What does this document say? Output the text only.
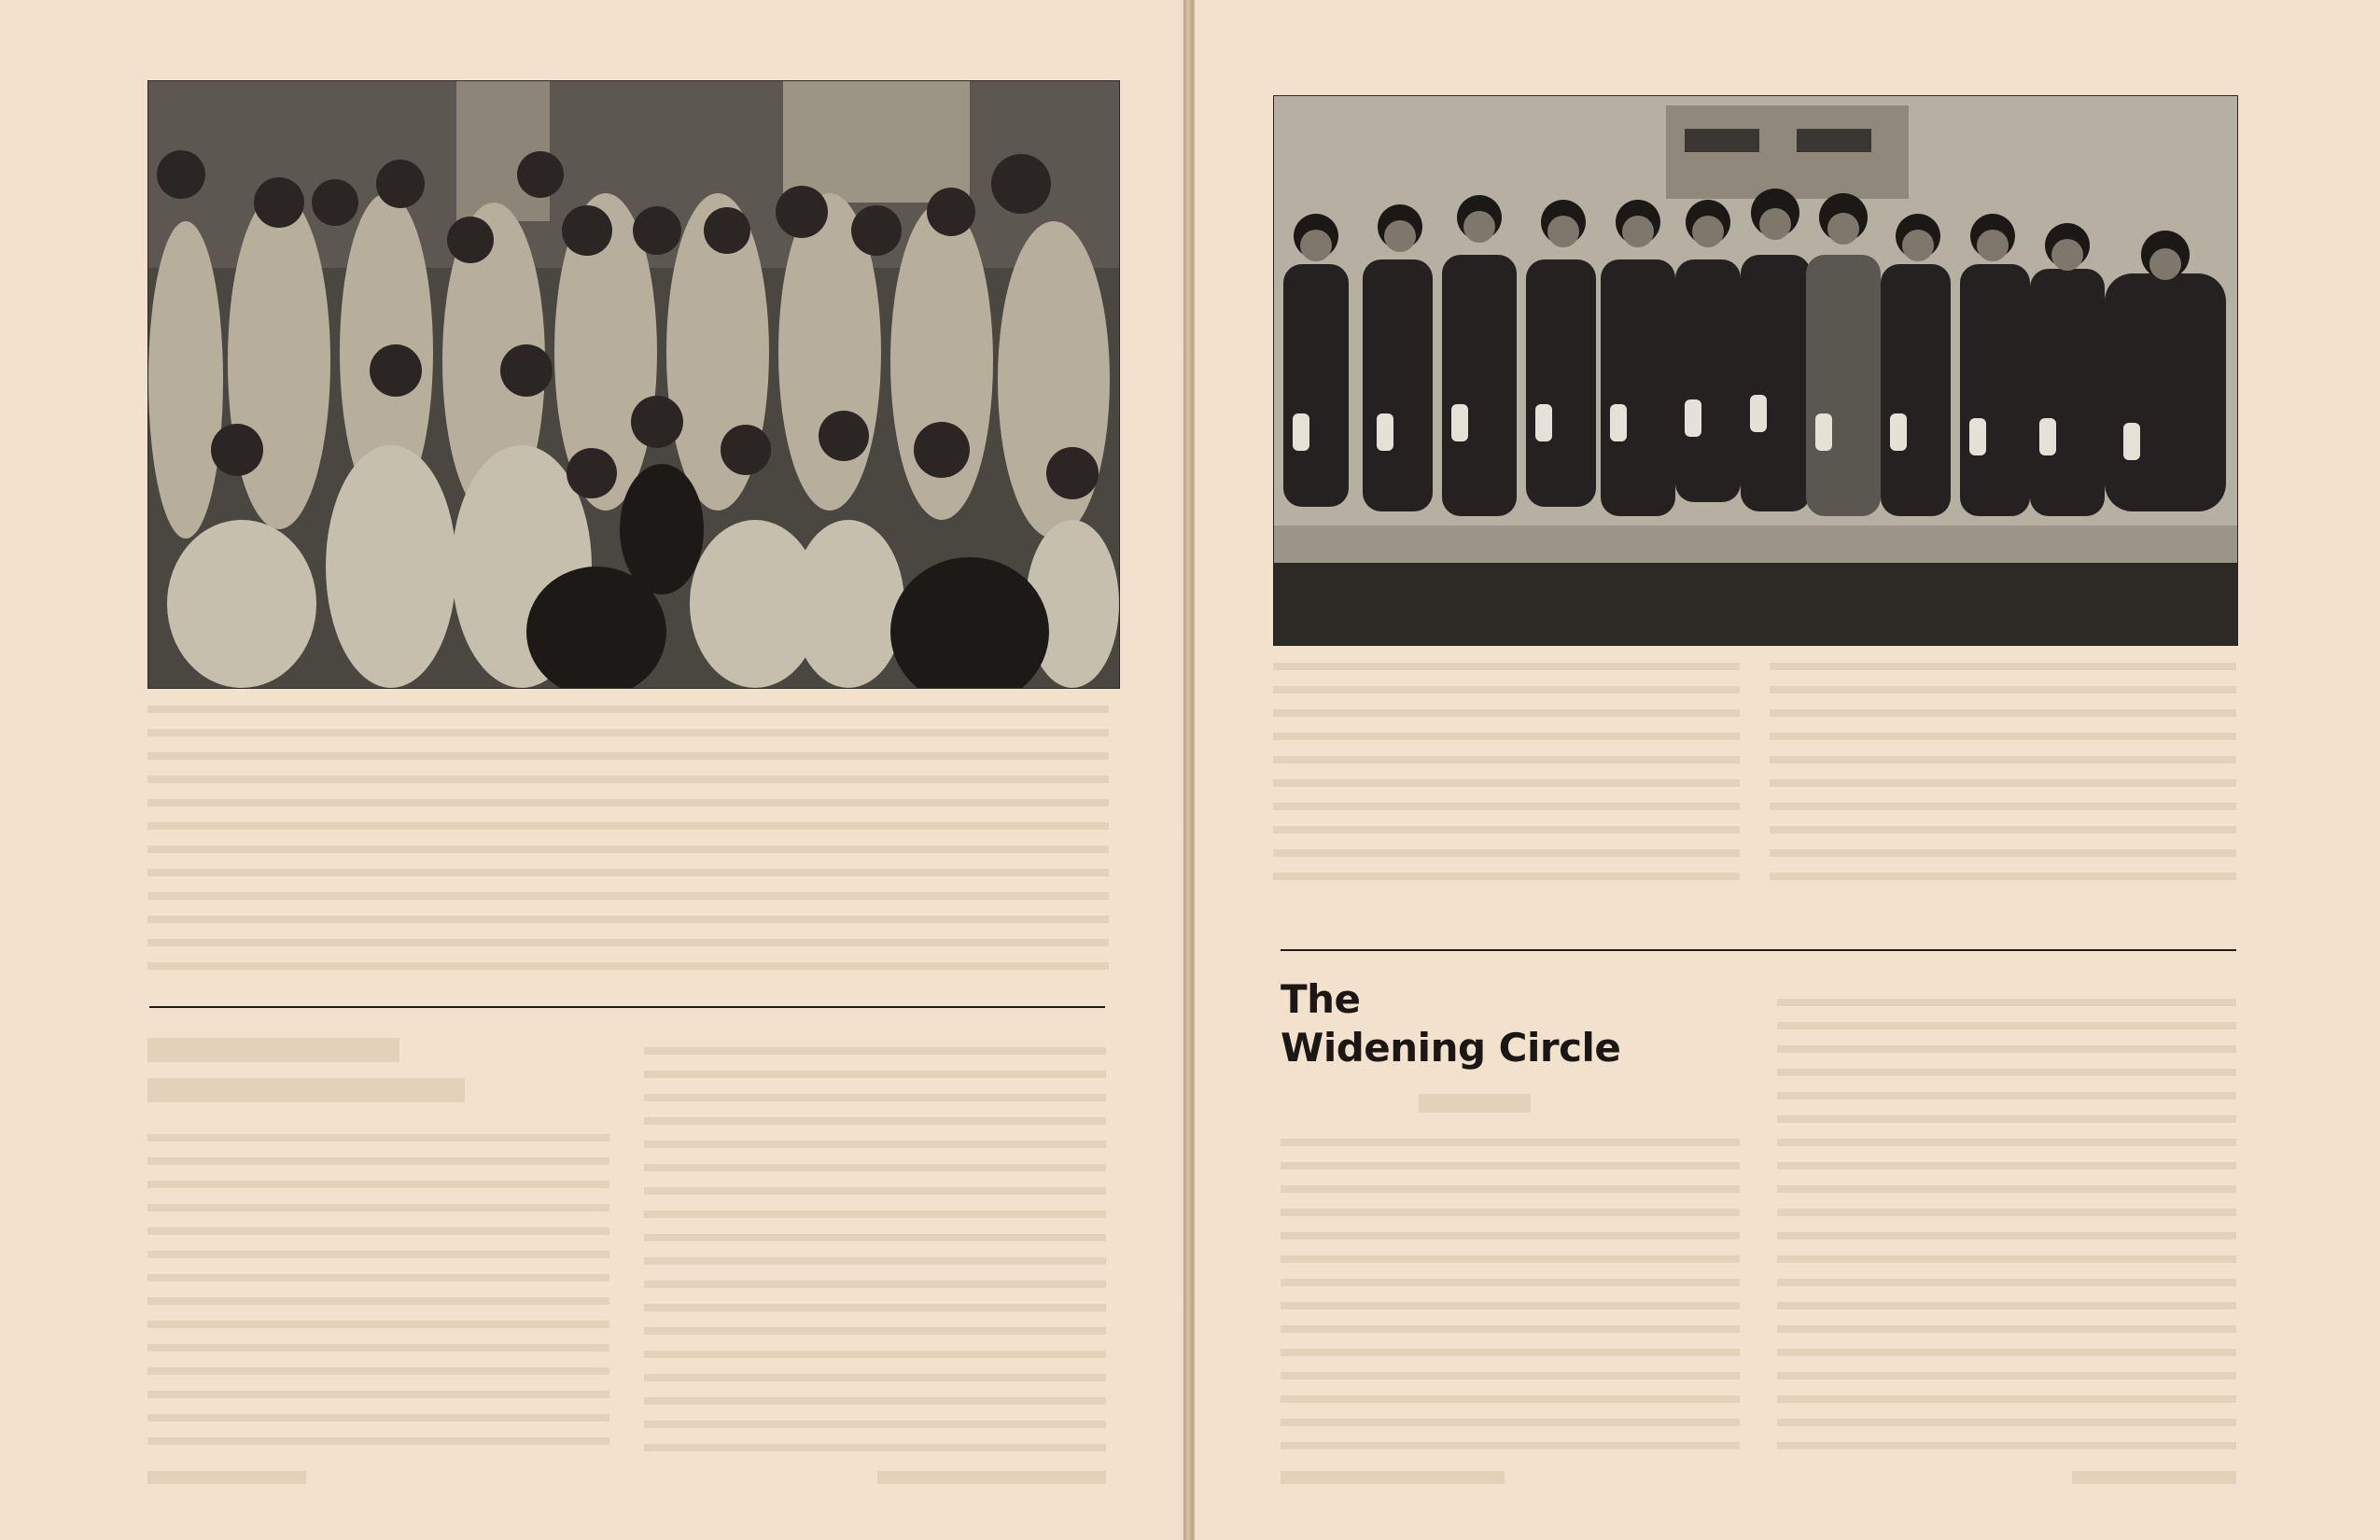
The
Widening Circle
